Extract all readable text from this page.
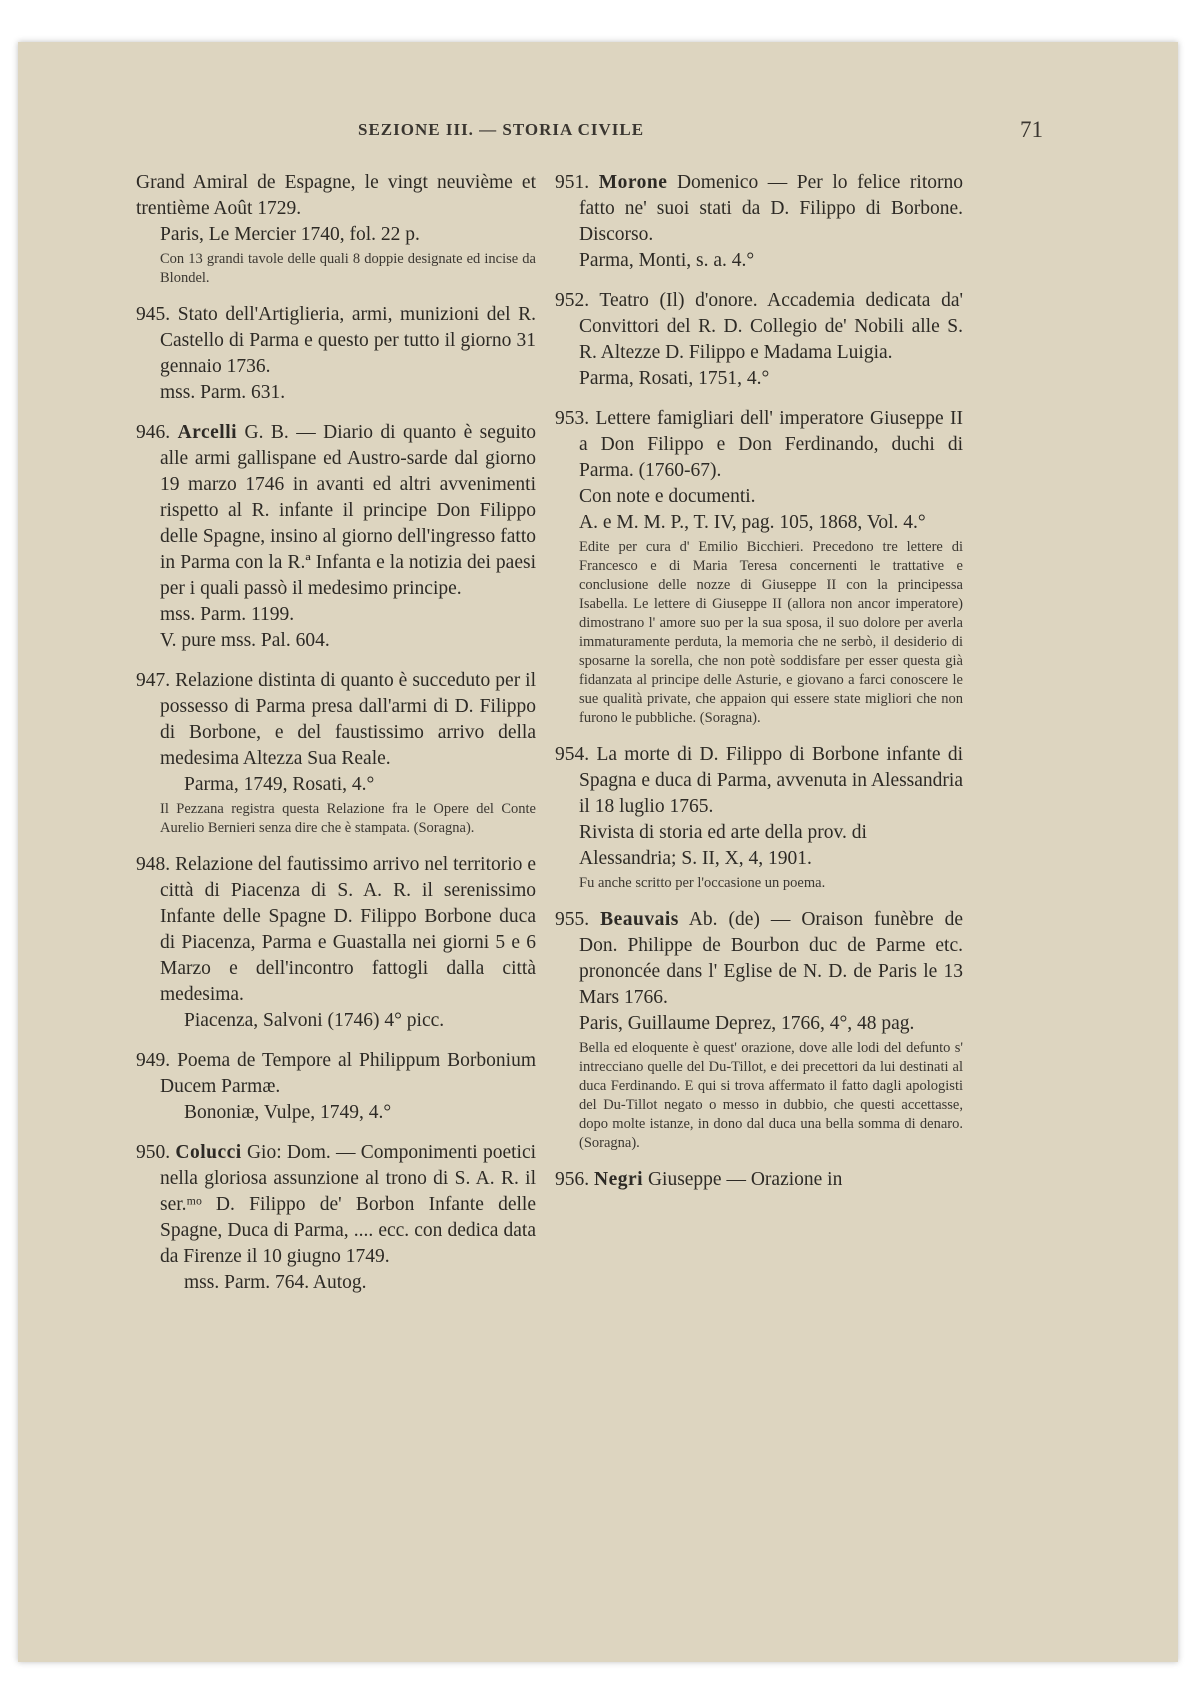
SEZIONE III. — STORIA CIVILE	71
Grand Amiral de Espagne, le vingt neuvième et trentième Août 1729.
Paris, Le Mercier 1740, fol. 22 p.
Con 13 grandi tavole delle quali 8 doppie designate ed incise da Blondel.
945. Stato dell'Artiglieria, armi, munizioni del R. Castello di Parma e questo per tutto il giorno 31 gennaio 1736.
mss. Parm. 631.
946. Arcelli G. B. — Diario di quanto è seguito alle armi gallispane ed Austro-sarde dal giorno 19 marzo 1746 in avanti ed altri avvenimenti rispetto al R. infante il principe Don Filippo delle Spagne, insino al giorno dell'ingresso fatto in Parma con la R.ª Infanta e la notizia dei paesi per i quali passò il medesimo principe.
mss. Parm. 1199.
V. pure mss. Pal. 604.
947. Relazione distinta di quanto è succeduto per il possesso di Parma presa dall'armi di D. Filippo di Borbone, e del faustissimo arrivo della medesima Altezza Sua Reale.
Parma, 1749, Rosati, 4.°
Il Pezzana registra questa Relazione fra le Opere del Conte Aurelio Bernieri senza dire che è stampata. (Soragna).
948. Relazione del fautissimo arrivo nel territorio e città di Piacenza di S. A. R. il serenissimo Infante delle Spagne D. Filippo Borbone duca di Piacenza, Parma e Guastalla nei giorni 5 e 6 Marzo e dell'incontro fattogli dalla città medesima.
Piacenza, Salvoni (1746) 4° picc.
949. Poema de Tempore al Philippum Borbonium Ducem Parmæ.
Bononiæ, Vulpe, 1749, 4.°
950. Colucci Gio: Dom. — Componimenti poetici nella gloriosa assunzione al trono di S. A. R. il ser.ᵐᵒ D. Filippo de' Borbon Infante delle Spagne, Duca di Parma, .... ecc. con dedica data da Firenze il 10 giugno 1749.
mss. Parm. 764. Autog.
951. Morone Domenico — Per lo felice ritorno fatto ne' suoi stati da D. Filippo di Borbone. Discorso.
Parma, Monti, s. a. 4.°
952. Teatro (Il) d'onore. Accademia dedicata da' Convittori del R. D. Collegio de' Nobili alle S. R. Altezze D. Filippo e Madama Luigia.
Parma, Rosati, 1751, 4.°
953. Lettere famigliari dell' imperatore Giuseppe II a Don Filippo e Don Ferdinando, duchi di Parma. (1760-67).
Con note e documenti.
A. e M. M. P., T. IV, pag. 105, 1868, Vol. 4.°
Edite per cura d' Emilio Bicchieri. Precedono tre lettere di Francesco e di Maria Teresa concernenti le trattative e conclusione delle nozze di Giuseppe II con la principessa Isabella. Le lettere di Giuseppe II (allora non ancor imperatore) dimostrano l' amore suo per la sua sposa, il suo dolore per averla immaturamente perduta, la memoria che ne serbò, il desiderio di sposarne la sorella, che non potè soddisfare per esser questa già fidanzata al principe delle Asturie, e giovano a farci conoscere le sue qualità private, che appaion qui essere state migliori che non furono le pubbliche. (Soragna).
954. La morte di D. Filippo di Borbone infante di Spagna e duca di Parma, avvenuta in Alessandria il 18 luglio 1765.
Rivista di storia ed arte della prov. di Alessandria; S. II, X, 4, 1901.
Fu anche scritto per l'occasione un poema.
955. Beauvais Ab. (de) — Oraison funèbre de Don. Philippe de Bourbon duc de Parme etc. prononcée dans l' Eglise de N. D. de Paris le 13 Mars 1766.
Paris, Guillaume Deprez, 1766, 4°, 48 pag.
Bella ed eloquente è quest' orazione, dove alle lodi del defunto s' intrecciano quelle del Du-Tillot, e dei precettori da lui destinati al duca Ferdinando. E qui si trova affermato il fatto dagli apologisti del Du-Tillot negato o messo in dubbio, che questi accettasse, dopo molte istanze, in dono dal duca una bella somma di denaro. (Soragna).
956. Negri Giuseppe — Orazione in
